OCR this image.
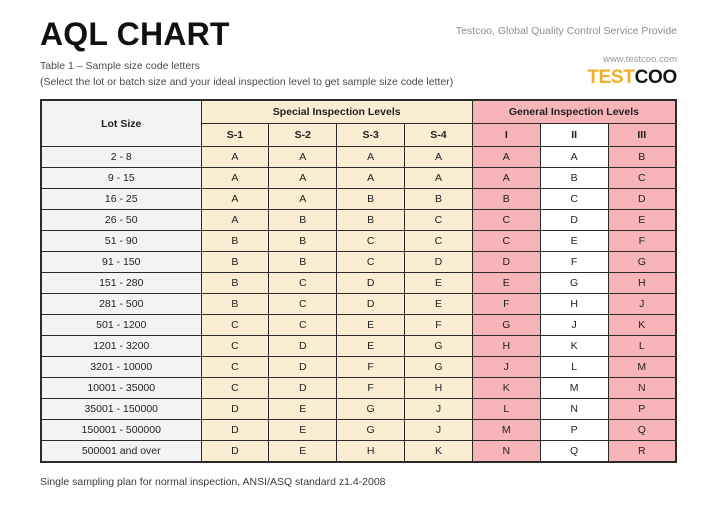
AQL CHART
Table 1 – Sample size code letters
(Select the lot or batch size and your ideal inspection level to get sample size code letter)
Testcoo, Global Quality Control Service Provide
www.testcoo.com
TESTCOO
Lot Size	Special Inspection Levels				General Inspection Levels		
	S-1	S-2	S-3	S-4	I	II	III
2 - 8	A	A	A	A	A	A	B
9 - 15	A	A	A	A	A	B	C
16 - 25	A	A	B	B	B	C	D
26 - 50	A	B	B	C	C	D	E
51 - 90	B	B	C	C	C	E	F
91 - 150	B	B	C	D	D	F	G
151 - 280	B	C	D	E	E	G	H
281 - 500	B	C	D	E	F	H	J
501 - 1200	C	C	E	F	G	J	K
1201 - 3200	C	D	E	G	H	K	L
3201 - 10000	C	D	F	G	J	L	M
10001 - 35000	C	D	F	H	K	M	N
35001 - 150000	D	E	G	J	L	N	P
150001 - 500000	D	E	G	J	M	P	Q
500001 and over	D	E	H	K	N	Q	R
Single sampling plan for normal inspection, ANSI/ASQ standard z1.4-2008
